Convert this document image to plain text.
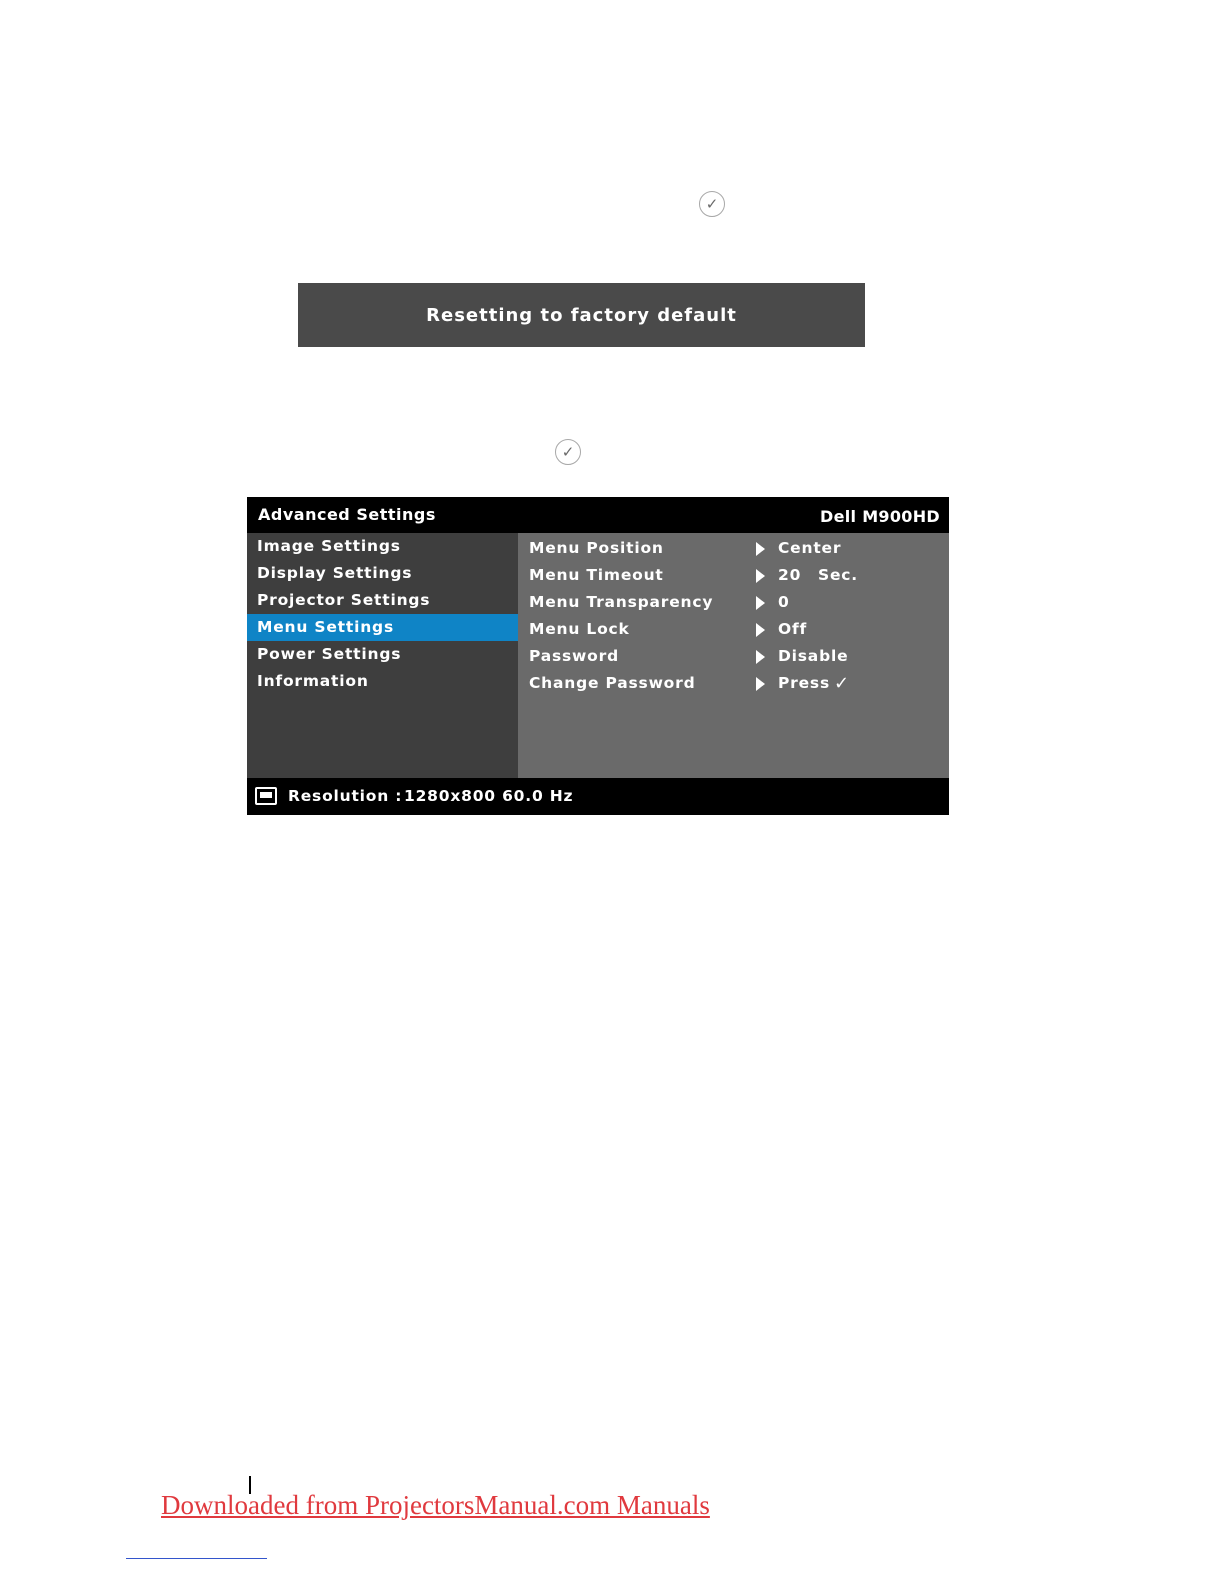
✓
Resetting to factory default
✓
Advanced Settings	Dell M900HD
Image Settings
Display Settings
Projector Settings
Menu Settings
Power Settings
Information
Menu Position	Center
Menu Timeout	20 Sec.
Menu Transparency	0
Menu Lock	Off
Password	Disable
Change Password	Press ✓
Resolution : 1280x800 60.0 Hz
Downloaded from ProjectorsManual.com Manuals
